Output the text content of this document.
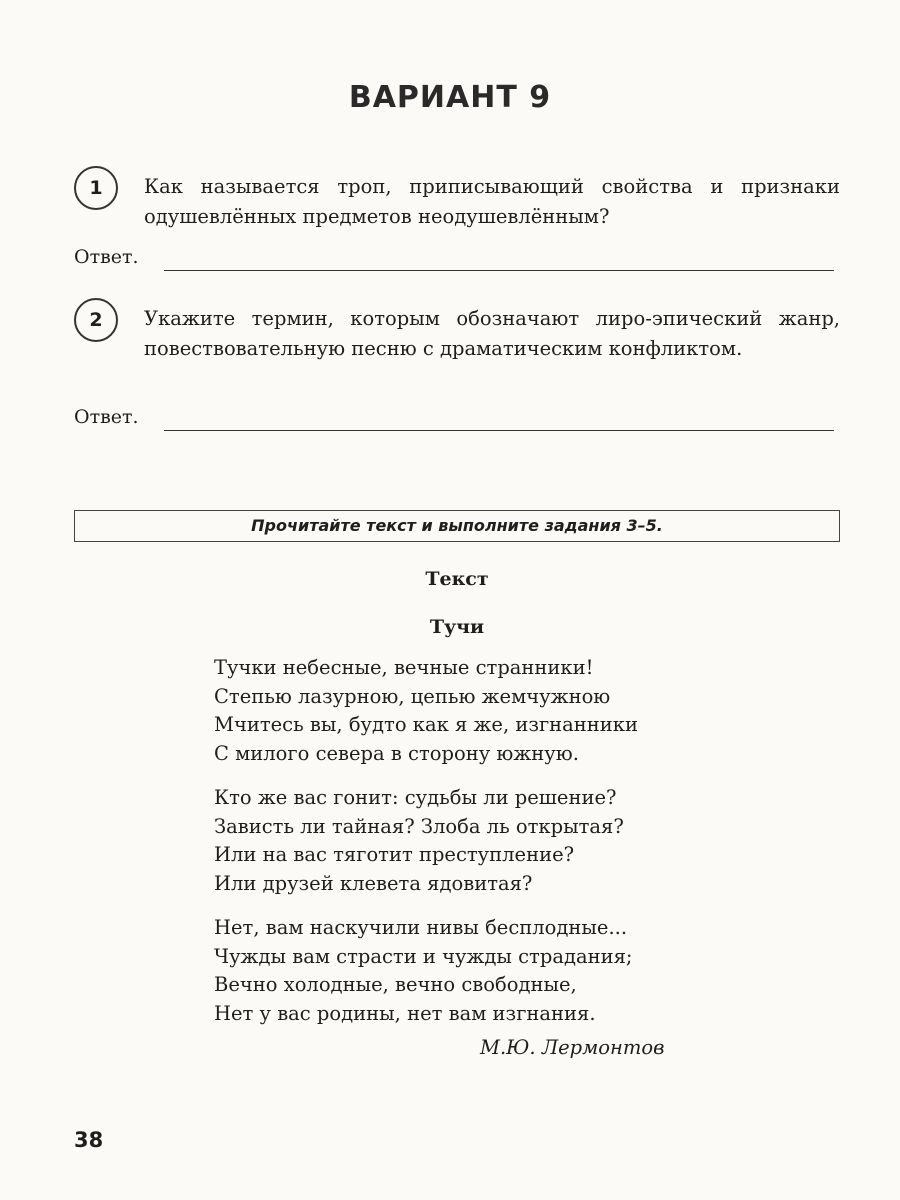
ВАРИАНТ 9
1	Как называется троп, приписывающий свойства и признаки одушевлённых предметов неодушевлённым?
Ответ.
2	Укажите термин, которым обозначают лиро-эпический жанр, повествовательную песню с драматическим конфликтом.
Ответ.
Прочитайте текст и выполните задания 3–5.
Текст
Тучи
Тучки небесные, вечные странники!
Степью лазурною, цепью жемчужною
Мчитесь вы, будто как я же, изгнанники
С милого севера в сторону южную.
Кто же вас гонит: судьбы ли решение?
Зависть ли тайная? Злоба ль открытая?
Или на вас тяготит преступление?
Или друзей клевета ядовитая?
Нет, вам наскучили нивы бесплодные...
Чужды вам страсти и чужды страдания;
Вечно холодные, вечно свободные,
Нет у вас родины, нет вам изгнания.
М.Ю. Лермонтов
38
